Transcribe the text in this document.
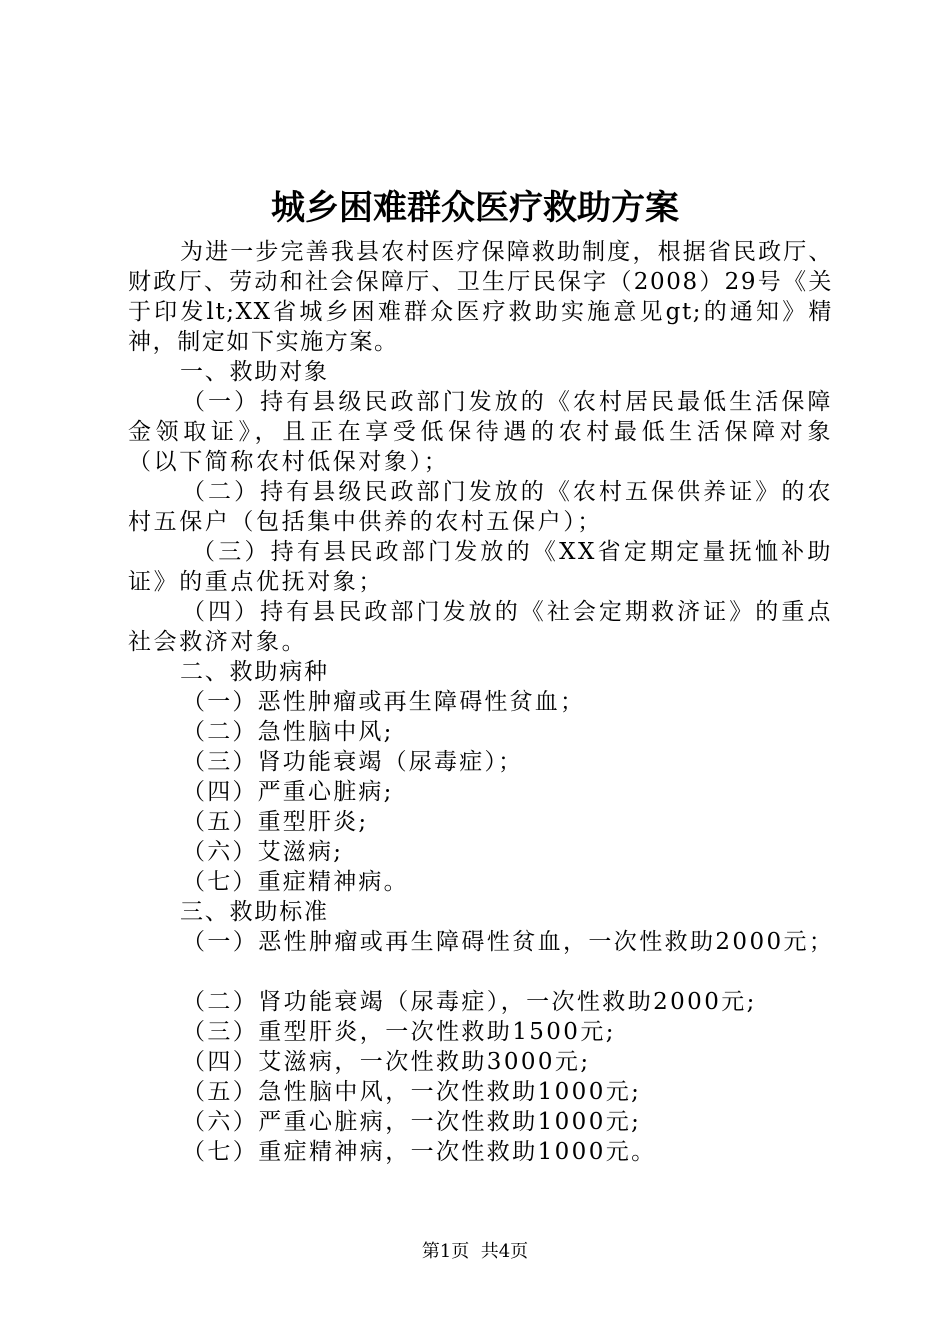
城乡困难群众医疗救助方案

为进一步完善我县农村医疗保障救助制度，根据省民政厅、财政厅、劳动和社会保障厅、卫生厅民保字（2008）29号《关于印发lt;XX省城乡困难群众医疗救助实施意见gt;的通知》精神，制定如下实施方案。

一、救助对象

（一）持有县级民政部门发放的《农村居民最低生活保障金领取证》，且正在享受低保待遇的农村最低生活保障对象（以下简称农村低保对象）；

（二）持有县级民政部门发放的《农村五保供养证》的农村五保户（包括集中供养的农村五保户）；

（三）持有县民政部门发放的《XX省定期定量抚恤补助证》的重点优抚对象；

（四）持有县民政部门发放的《社会定期救济证》的重点社会救济对象。

二、救助病种

（一）恶性肿瘤或再生障碍性贫血；

（二）急性脑中风;

（三）肾功能衰竭（尿毒症）；

（四）严重心脏病;

（五）重型肝炎;

（六）艾滋病;

（七）重症精神病。

三、救助标准

（一）恶性肿瘤或再生障碍性贫血，一次性救助2000元；

（二）肾功能衰竭（尿毒症），一次性救助2000元;

（三）重型肝炎，一次性救助1500元;

（四）艾滋病，一次性救助3000元;

（五）急性脑中风，一次性救助1000元;

（六）严重心脏病，一次性救助1000元;

（七）重症精神病，一次性救助1000元。

第1页  共4页
